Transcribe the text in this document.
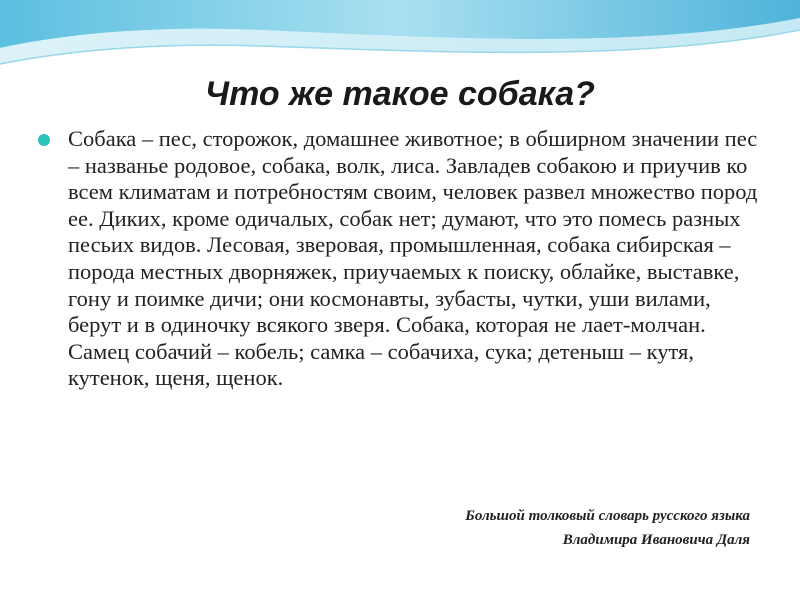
Что же такое собака?

Собака – пес, сторожок, домашнее животное; в обширном значении пес – названье родовое, собака, волк, лиса. Завладев собакою и приучив ко всем климатам и потребностям своим, человек развел множество пород ее. Диких, кроме одичалых, собак нет; думают, что это помесь разных песьих видов. Лесовая, зверовая, промышленная, собака сибирская – порода местных дворняжек, приучаемых к поиску, облайке, выставке, гону и поимке дичи; они космонавты, зубасты, чутки, уши вилами, берут и в одиночку всякого зверя. Собака, которая не лает-молчан. Самец собачий – кобель; самка – собачиха, сука; детеныш – кутя, кутенок, щеня, щенок.

Большой толковый словарь русского языка
Владимира Ивановича Даля
